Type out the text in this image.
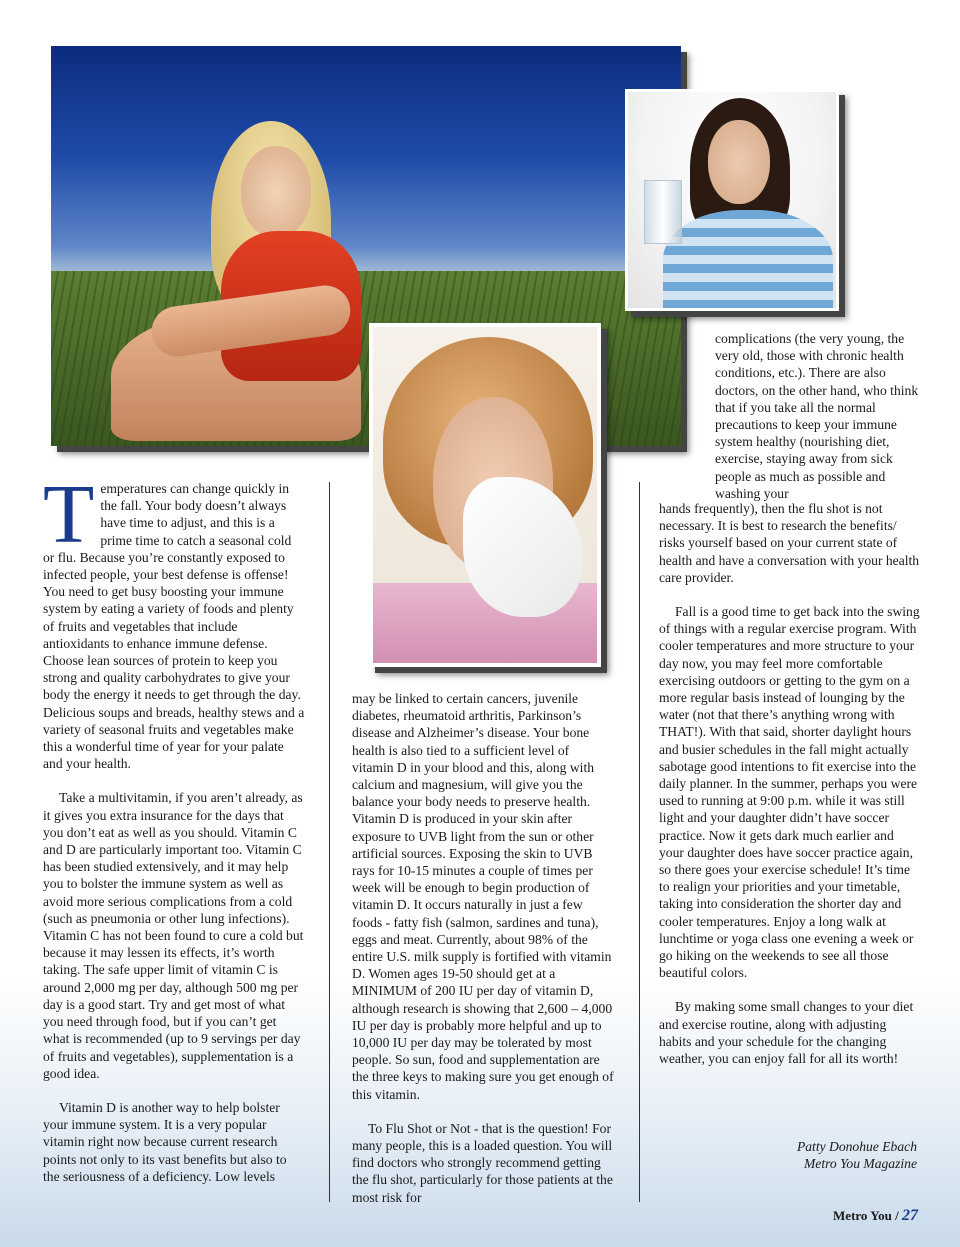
Temperatures can change quickly in the fall. Your body doesn’t always have time to adjust, and this is a prime time to catch a seasonal cold or flu. Because you’re constantly exposed to infected people, your best defense is offense! You need to get busy boosting your immune system by eating a variety of foods and plenty of fruits and vegetables that include antioxidants to enhance immune defense. Choose lean sources of protein to keep you strong and quality carbohydrates to give your body the energy it needs to get through the day. Delicious soups and breads, healthy stews and a variety of seasonal fruits and vegetables make this a wonderful time of year for your palate and your health.

Take a multivitamin, if you aren’t already, as it gives you extra insurance for the days that you don’t eat as well as you should. Vitamin C and D are particularly important too. Vitamin C has been studied extensively, and it may help you to bolster the immune system as well as avoid more serious complications from a cold (such as pneumonia or other lung infections). Vitamin C has not been found to cure a cold but because it may lessen its effects, it’s worth taking. The safe upper limit of vitamin C is around 2,000 mg per day, although 500 mg per day is a good start. Try and get most of what you need through food, but if you can’t get what is recommended (up to 9 servings per day of fruits and vegetables), supplementation is a good idea.

Vitamin D is another way to help bolster your immune system. It is a very popular vitamin right now because current research points not only to its vast benefits but also to the seriousness of a deficiency. Low levels

may be linked to certain cancers, juvenile diabetes, rheumatoid arthritis, Parkinson’s disease and Alzheimer’s disease. Your bone health is also tied to a sufficient level of vitamin D in your blood and this, along with calcium and magnesium, will give you the balance your body needs to preserve health. Vitamin D is produced in your skin after exposure to UVB light from the sun or other artificial sources. Exposing the skin to UVB rays for 10-15 minutes a couple of times per week will be enough to begin production of vitamin D. It occurs naturally in just a few foods - fatty fish (salmon, sardines and tuna), eggs and meat. Currently, about 98% of the entire U.S. milk supply is fortified with vitamin D. Women ages 19-50 should get at a MINIMUM of 200 IU per day of vitamin D, although research is showing that 2,600 – 4,000 IU per day is probably more helpful and up to 10,000 IU per day may be tolerated by most people. So sun, food and supplementation are the three keys to making sure you get enough of this vitamin.

To Flu Shot or Not - that is the question! For many people, this is a loaded question. You will find doctors who strongly recommend getting the flu shot, particularly for those patients at the most risk for

complications (the very young, the very old, those with chronic health conditions, etc.). There are also doctors, on the other hand, who think that if you take all the normal precautions to keep your immune system healthy (nourishing diet, exercise, staying away from sick people as much as possible and washing your

hands frequently), then the flu shot is not necessary. It is best to research the benefits/ risks yourself based on your current state of health and have a conversation with your health care provider.

Fall is a good time to get back into the swing of things with a regular exercise program. With cooler temperatures and more structure to your day now, you may feel more comfortable exercising outdoors or getting to the gym on a more regular basis instead of lounging by the water (not that there’s anything wrong with THAT!). With that said, shorter daylight hours and busier schedules in the fall might actually sabotage good intentions to fit exercise into the daily planner. In the summer, perhaps you were used to running at 9:00 p.m. while it was still light and your daughter didn’t have soccer practice. Now it gets dark much earlier and your daughter does have soccer practice again, so there goes your exercise schedule! It’s time to realign your priorities and your timetable, taking into consideration the shorter day and cooler temperatures. Enjoy a long walk at lunchtime or yoga class one evening a week or go hiking on the weekends to see all those beautiful colors.

By making some small changes to your diet and exercise routine, along with adjusting habits and your schedule for the changing weather, you can enjoy fall for all its worth!

Patty Donohue Ebach
Metro You Magazine
Metro You / 27
